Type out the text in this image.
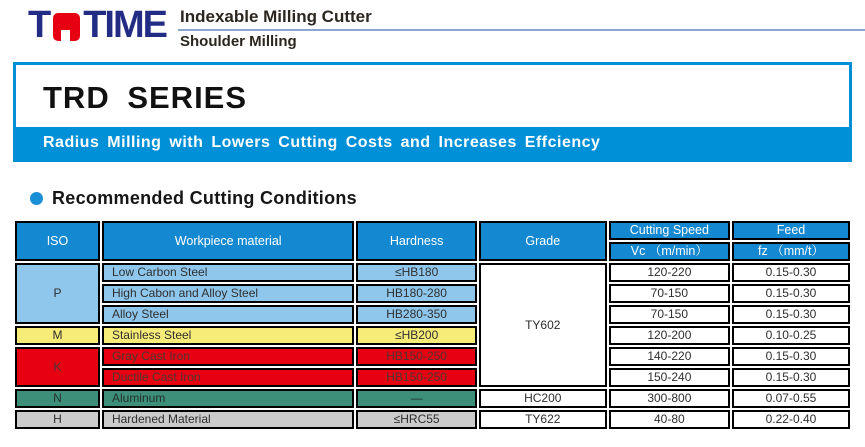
T TIME Indexable Milling Cutter
Shoulder Milling
TRD SERIES
Radius Milling with Lowers Cutting Costs and Increases Effciency
Recommended Cutting Conditions
ISO	Workpiece material	Hardness	Grade	Cutting Speed	Feed
				Vc （m/min）	fz （mm/t）
P	Low Carbon Steel	≤HB180	TY602	120-220	0.15-0.30
	High Cabon and Alloy Steel	HB180-280		70-150	0.15-0.30
	Alloy Steel	HB280-350		70-150	0.15-0.30
M	Stainless Steel	≤HB200		120-200	0.10-0.25
K	Gray Cast Iron	HB150-250		140-220	0.15-0.30
	Ductile Cast Iron	HB150-250		150-240	0.15-0.30
N	Aluminum	—	HC200	300-800	0.07-0.55
H	Hardened Material	≤HRC55	TY622	40-80	0.22-0.40
